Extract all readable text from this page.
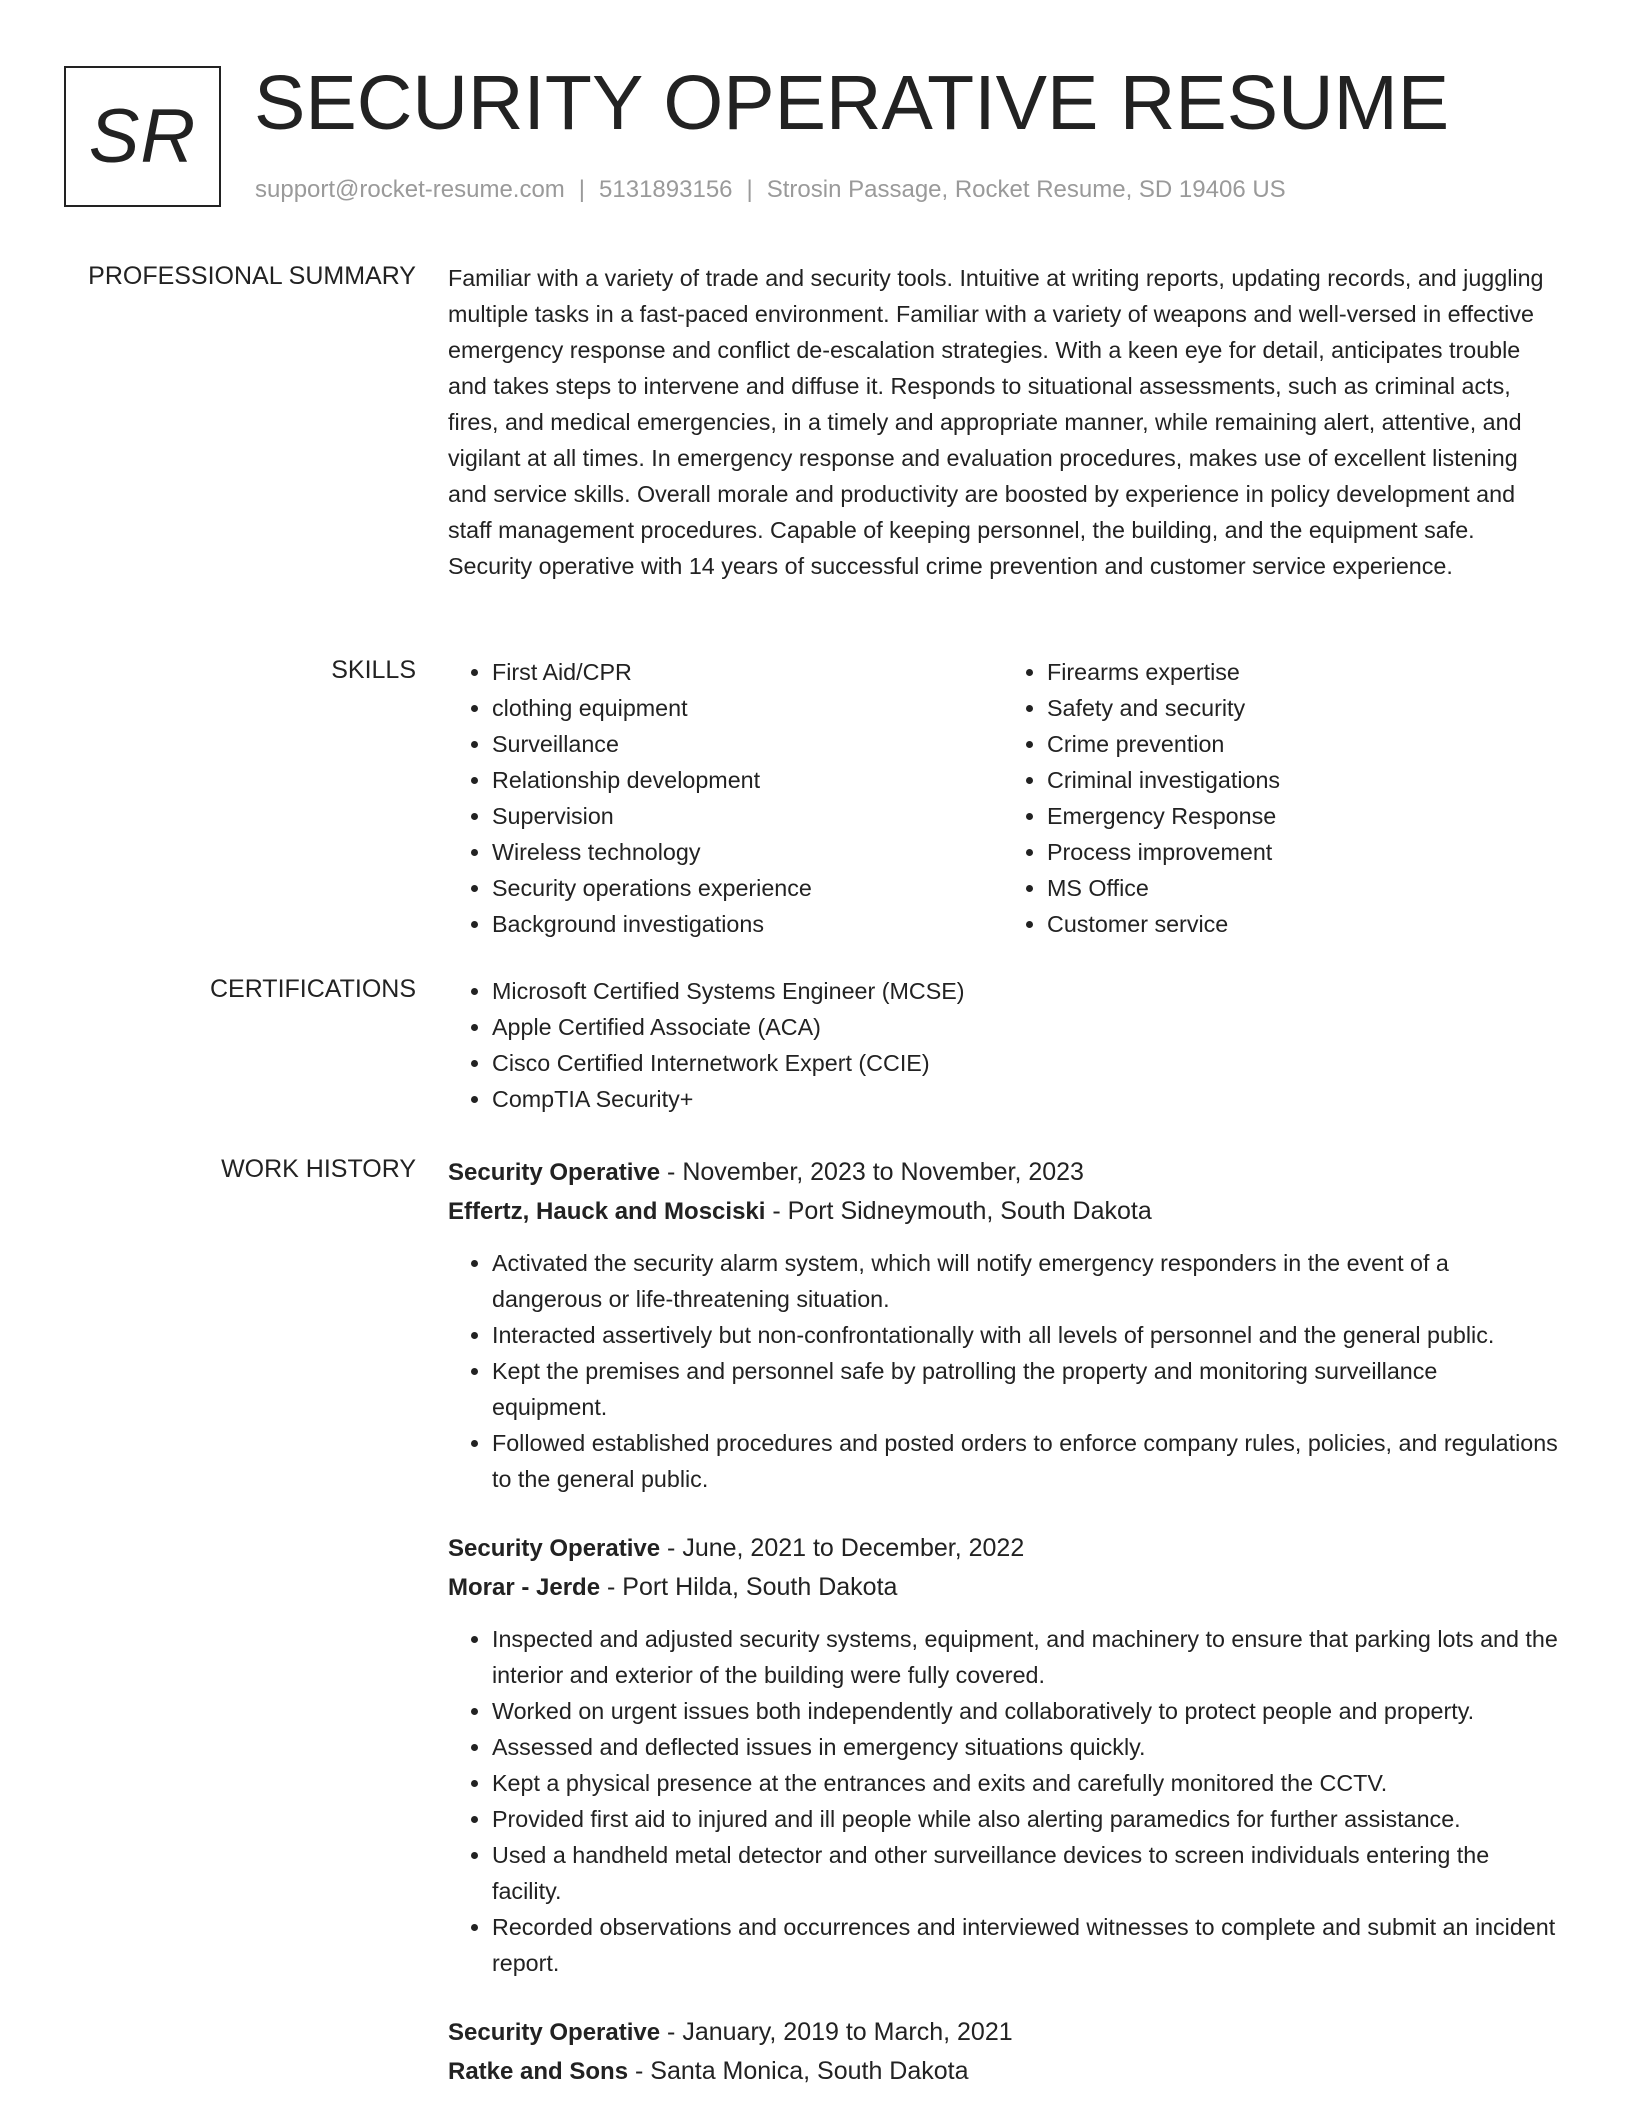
SR SECURITY OPERATIVE RESUME
support@rocket-resume.com | 5131893156 | Strosin Passage, Rocket Resume, SD 19406 US
PROFESSIONAL SUMMARY Familiar with a variety of trade and security tools. Intuitive at writing reports, updating records, and juggling multiple tasks in a fast-paced environment. Familiar with a variety of weapons and well-versed in effective emergency response and conflict de-escalation strategies. With a keen eye for detail, anticipates trouble and takes steps to intervene and diffuse it. Responds to situational assessments, such as criminal acts, fires, and medical emergencies, in a timely and appropriate manner, while remaining alert, attentive, and vigilant at all times. In emergency response and evaluation procedures, makes use of excellent listening and service skills. Overall morale and productivity are boosted by experience in policy development and staff management procedures. Capable of keeping personnel, the building, and the equipment safe. Security operative with 14 years of successful crime prevention and customer service experience.

SKILLS	• First Aid/CPR
• clothing equipment
• Surveillance
• Relationship development
• Supervision
• Wireless technology
• Security operations experience
• Background investigations
• Firearms expertise
• Safety and security
• Crime prevention
• Criminal investigations
• Emergency Response
• Process improvement
• MS Office
• Customer service
CERTIFICATIONS	• Microsoft Certified Systems Engineer (MCSE)
• Apple Certified Associate (ACA)
• Cisco Certified Internetwork Expert (CCIE)
• CompTIA Security+
WORK HISTORY Security Operative - November, 2023 to November, 2023
Effertz, Hauck and Mosciski - Port Sidneymouth, South Dakota
• Activated the security alarm system, which will notify emergency responders in the event of a dangerous or life-threatening situation.
• Interacted assertively but non-confrontationally with all levels of personnel and the general public.
• Kept the premises and personnel safe by patrolling the property and monitoring surveillance equipment.
• Followed established procedures and posted orders to enforce company rules, policies, and regulations to the general public.
Security Operative - June, 2021 to December, 2022
Morar - Jerde - Port Hilda, South Dakota
• Inspected and adjusted security systems, equipment, and machinery to ensure that parking lots and the interior and exterior of the building were fully covered.
• Worked on urgent issues both independently and collaboratively to protect people and property.
• Assessed and deflected issues in emergency situations quickly.
• Kept a physical presence at the entrances and exits and carefully monitored the CCTV.
• Provided first aid to injured and ill people while also alerting paramedics for further assistance.
• Used a handheld metal detector and other surveillance devices to screen individuals entering the facility.
• Recorded observations and occurrences and interviewed witnesses to complete and submit an incident report.
Security Operative - January, 2019 to March, 2021
Ratke and Sons - Santa Monica, South Dakota
